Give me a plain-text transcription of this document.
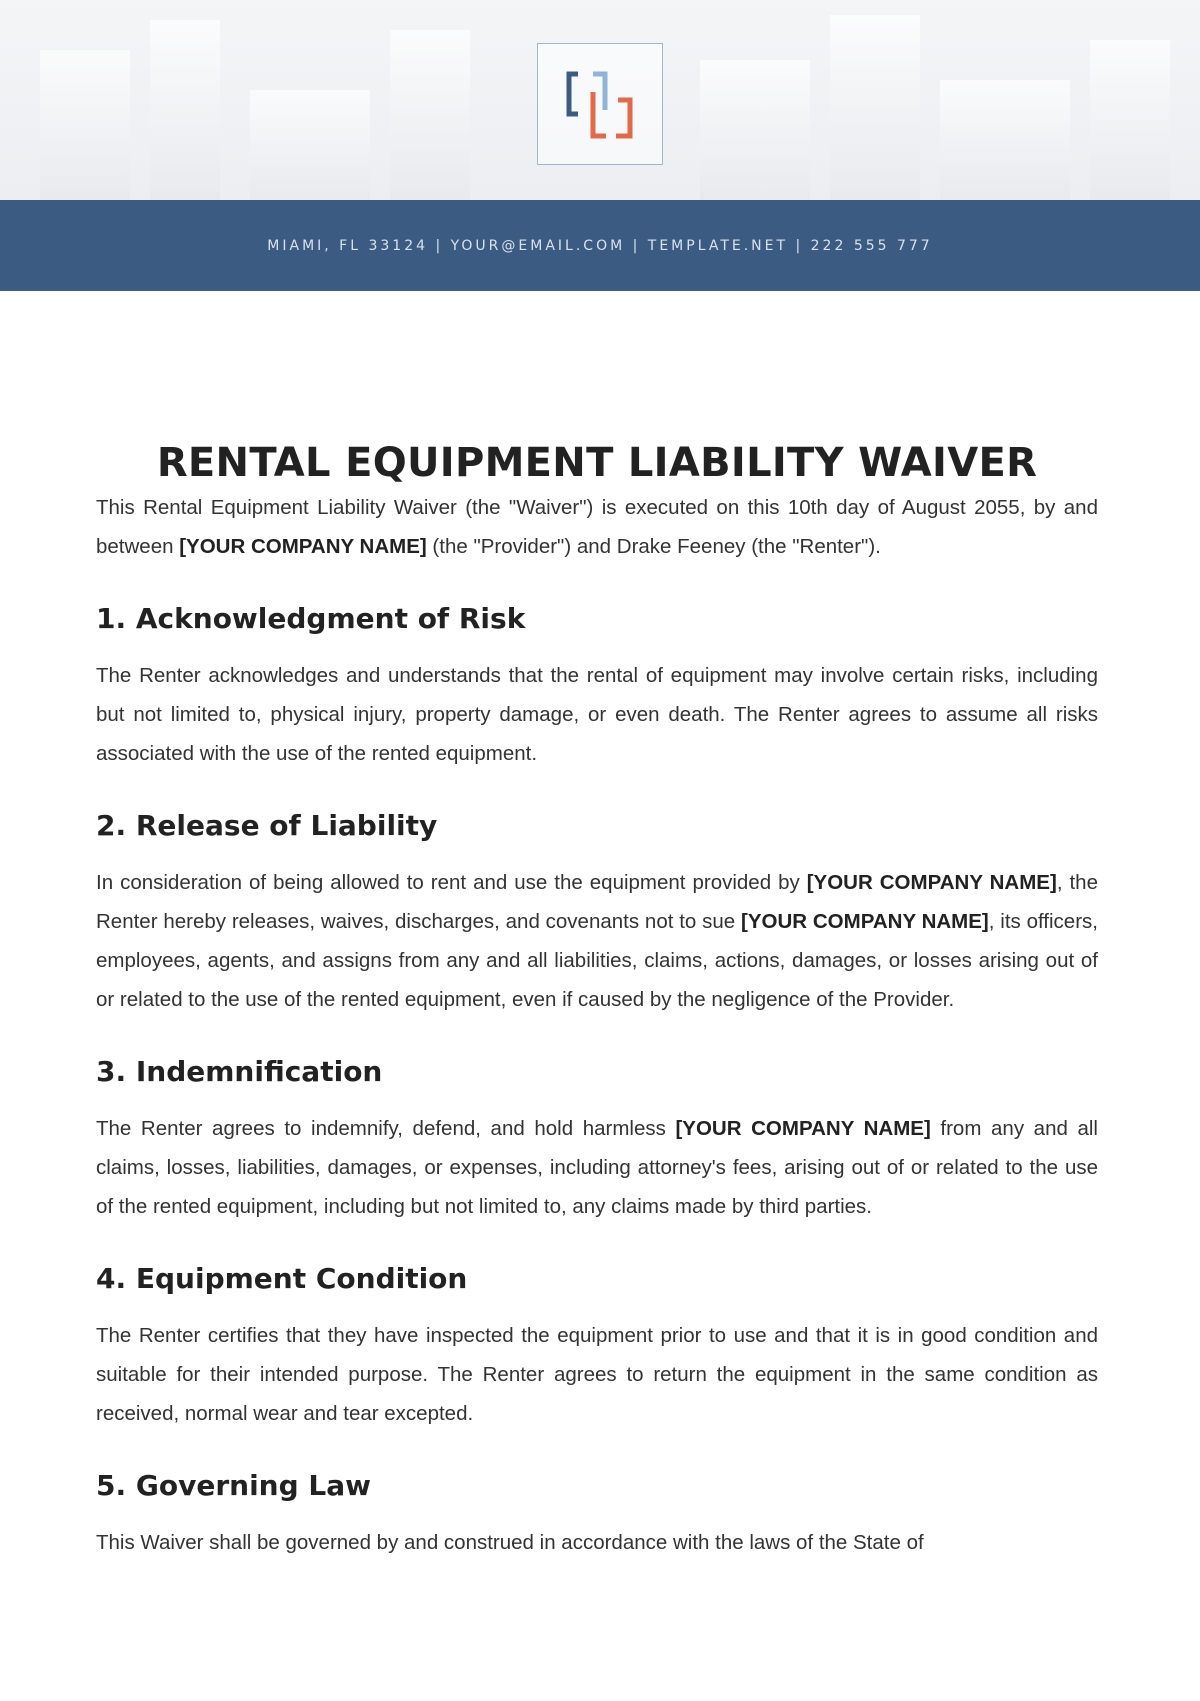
MIAMI, FL 33124 | YOUR@EMAIL.COM | TEMPLATE.NET | 222 555 777
RENTAL EQUIPMENT LIABILITY WAIVER

This Rental Equipment Liability Waiver (the "Waiver") is executed on this 10th day of August 2055, by and between [YOUR COMPANY NAME] (the "Provider") and Drake Feeney (the "Renter").

1. Acknowledgment of Risk

The Renter acknowledges and understands that the rental of equipment may involve certain risks, including but not limited to, physical injury, property damage, or even death. The Renter agrees to assume all risks associated with the use of the rented equipment.

2. Release of Liability

In consideration of being allowed to rent and use the equipment provided by [YOUR COMPANY NAME], the Renter hereby releases, waives, discharges, and covenants not to sue [YOUR COMPANY NAME], its officers, employees, agents, and assigns from any and all liabilities, claims, actions, damages, or losses arising out of or related to the use of the rented equipment, even if caused by the negligence of the Provider.

3. Indemnification

The Renter agrees to indemnify, defend, and hold harmless [YOUR COMPANY NAME] from any and all claims, losses, liabilities, damages, or expenses, including attorney's fees, arising out of or related to the use of the rented equipment, including but not limited to, any claims made by third parties.

4. Equipment Condition

The Renter certifies that they have inspected the equipment prior to use and that it is in good condition and suitable for their intended purpose. The Renter agrees to return the equipment in the same condition as received, normal wear and tear excepted.

5. Governing Law

This Waiver shall be governed by and construed in accordance with the laws of the State of
